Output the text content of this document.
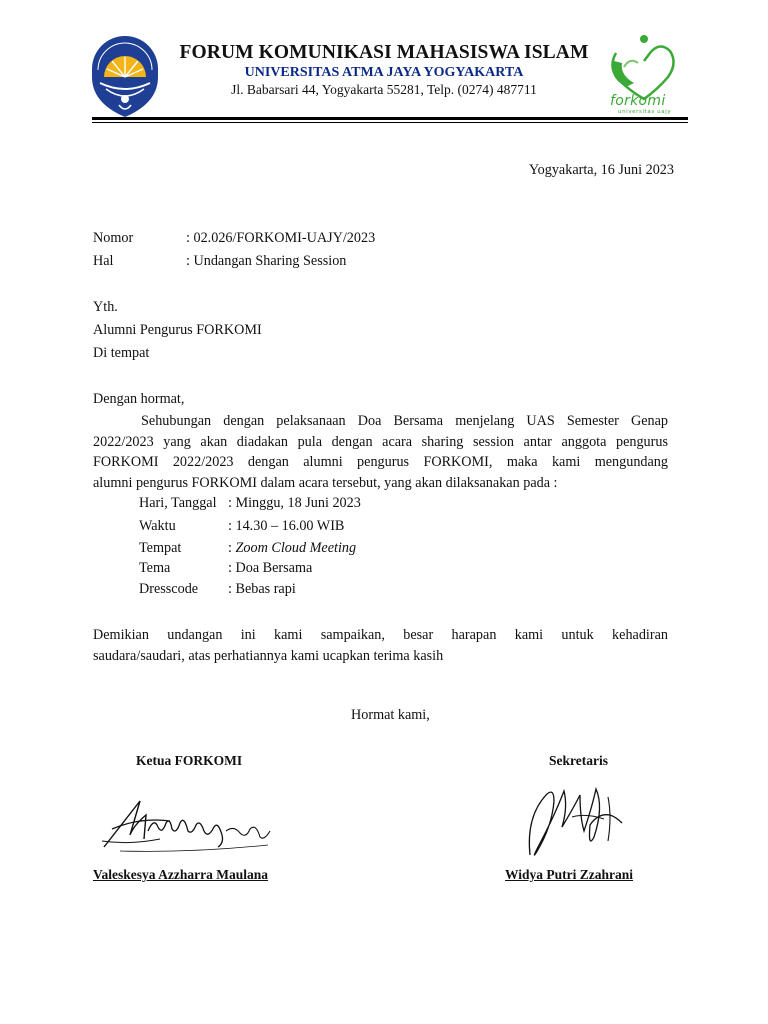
FORUM KOMUNIKASI MAHASISWA ISLAM
UNIVERSITAS ATMA JAYA YOGYAKARTA
Jl. Babarsari 44, Yogyakarta 55281, Telp. (0274) 487711
forkomi
universitas uajy
Yogyakarta, 16 Juni 2023
Nomor	: 02.026/FORKOMI-UAJY/2023
Hal	: Undangan Sharing Session
Yth.
Alumni Pengurus FORKOMI
Di tempat
Dengan hormat,
Sehubungan dengan pelaksanaan Doa Bersama menjelang UAS Semester Genap
2022/2023 yang akan diadakan pula dengan acara sharing session antar anggota pengurus
FORKOMI 2022/2023 dengan alumni pengurus FORKOMI, maka kami mengundang
alumni pengurus FORKOMI dalam acara tersebut, yang akan dilaksanakan pada :
Hari, Tanggal : Minggu, 18 Juni 2023
Waktu	: 14.30 – 16.00 WIB
Tempat	: Zoom Cloud Meeting
Tema	: Doa Bersama
Dresscode : Bebas rapi
Demikian undangan ini kami sampaikan, besar harapan kami untuk kehadiran
saudara/saudari, atas perhatiannya kami ucapkan terima kasih
Hormat kami,
Ketua FORKOMI	Sekretaris
Valeskesya Azzharra Maulana	Widya Putri Zzahrani
